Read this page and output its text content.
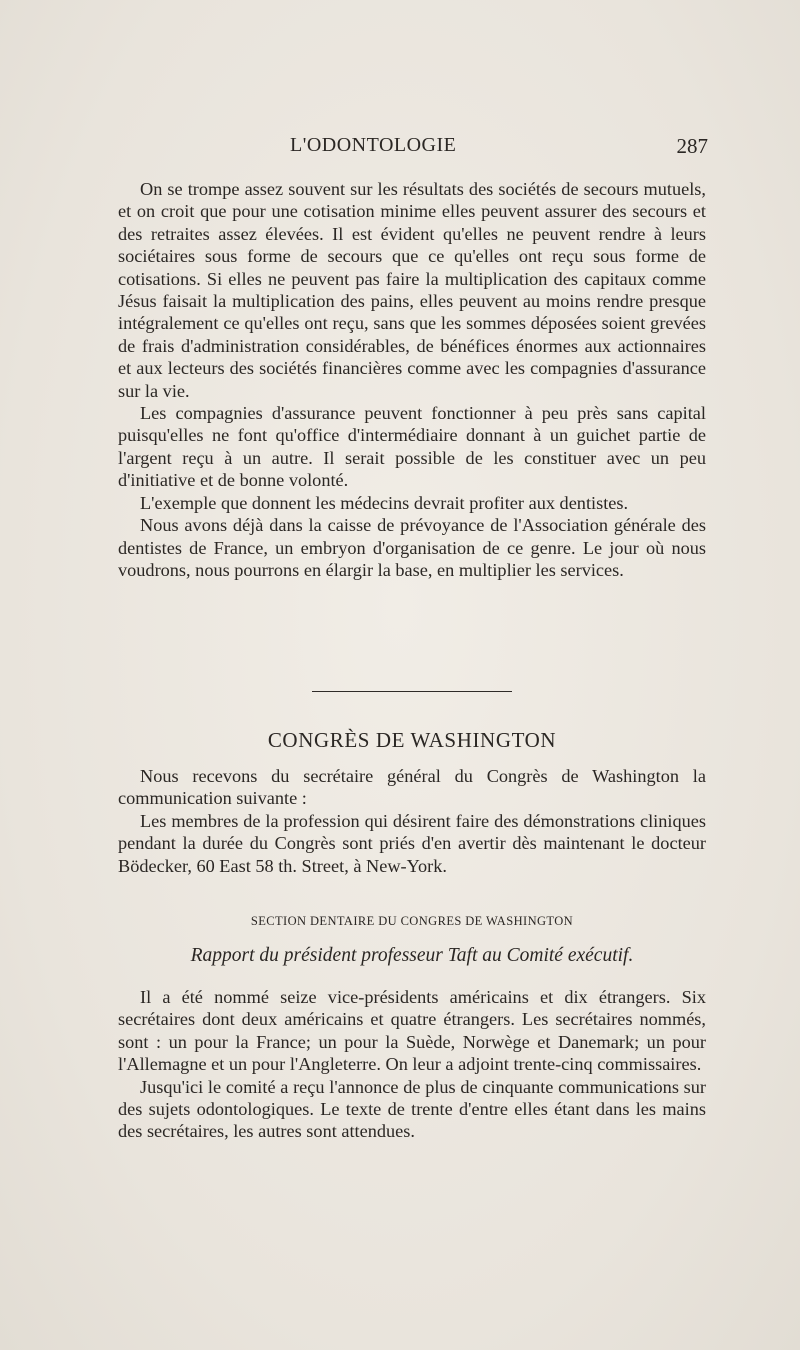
L'ODONTOLOGIE	287

On se trompe assez souvent sur les résultats des sociétés de secours mutuels, et on croit que pour une cotisation minime elles peuvent assurer des secours et des retraites assez élevées. Il est évident qu'elles ne peuvent rendre à leurs sociétaires sous forme de secours que ce qu'elles ont reçu sous forme de cotisations. Si elles ne peuvent pas faire la multiplication des capitaux comme Jésus faisait la multiplication des pains, elles peuvent au moins rendre presque intégralement ce qu'elles ont reçu, sans que les sommes déposées soient grevées de frais d'administration considérables, de bénéfices énormes aux actionnaires et aux lecteurs des sociétés financières comme avec les compagnies d'assurance sur la vie.

Les compagnies d'assurance peuvent fonctionner à peu près sans capital puisqu'elles ne font qu'office d'intermédiaire donnant à un guichet partie de l'argent reçu à un autre. Il serait possible de les constituer avec un peu d'initiative et de bonne volonté.

L'exemple que donnent les médecins devrait profiter aux dentistes.

Nous avons déjà dans la caisse de prévoyance de l'Association générale des dentistes de France, un embryon d'organisation de ce genre. Le jour où nous voudrons, nous pourrons en élargir la base, en multiplier les services.

CONGRÈS DE WASHINGTON

Nous recevons du secrétaire général du Congrès de Washington la communication suivante :

Les membres de la profession qui désirent faire des démonstrations cliniques pendant la durée du Congrès sont priés d'en avertir dès maintenant le docteur Bödecker, 60 East 58 th. Street, à New-York.

SECTION DENTAIRE DU CONGRES DE WASHINGTON
Rapport du président professeur Taft au Comité exécutif.

Il a été nommé seize vice-présidents américains et dix étrangers. Six secrétaires dont deux américains et quatre étrangers. Les secrétaires nommés, sont : un pour la France; un pour la Suède, Norwège et Danemark; un pour l'Allemagne et un pour l'Angleterre. On leur a adjoint trente-cinq commissaires.

Jusqu'ici le comité a reçu l'annonce de plus de cinquante communications sur des sujets odontologiques. Le texte de trente d'entre elles étant dans les mains des secrétaires, les autres sont attendues.
